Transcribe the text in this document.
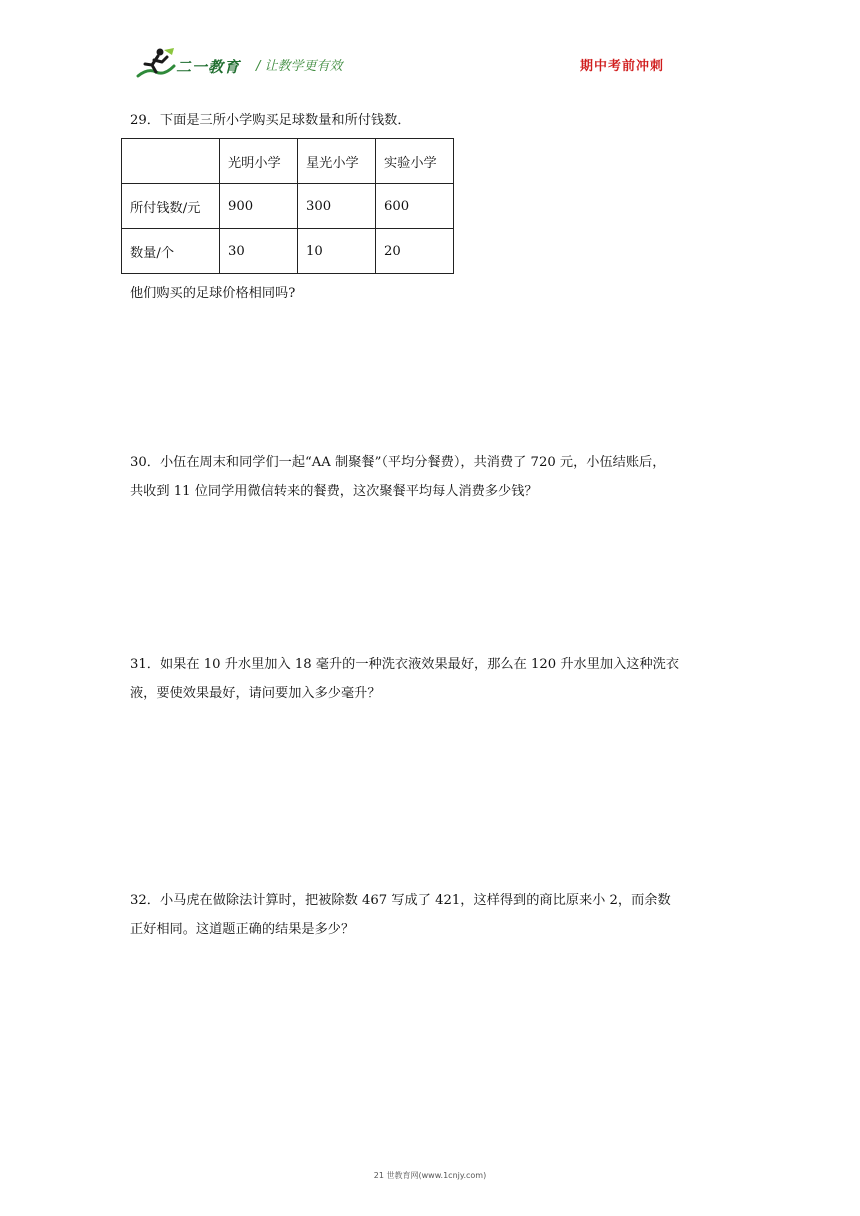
二一教育 / 让教学更有效	期中考前冲刺

29．下面是三所小学购买足球数量和所付钱数．

	光明小学	星光小学	实验小学
所付钱数/元	900	300	600
数量/个	30	10	20

他们购买的足球价格相同吗?

30．小伍在周末和同学们一起“AA 制聚餐”（平均分餐费），共消费了 720 元，小伍结账后，

共收到 11 位同学用微信转来的餐费，这次聚餐平均每人消费多少钱？

31．如果在 10 升水里加入 18 毫升的一种洗衣液效果最好，那么在 120 升水里加入这种洗衣

液，要使效果最好，请问要加入多少毫升？

32．小马虎在做除法计算时，把被除数 467 写成了 421，这样得到的商比原来小 2，而余数

正好相同。这道题正确的结果是多少？

21 世教育网(www.1cnjy.com)
